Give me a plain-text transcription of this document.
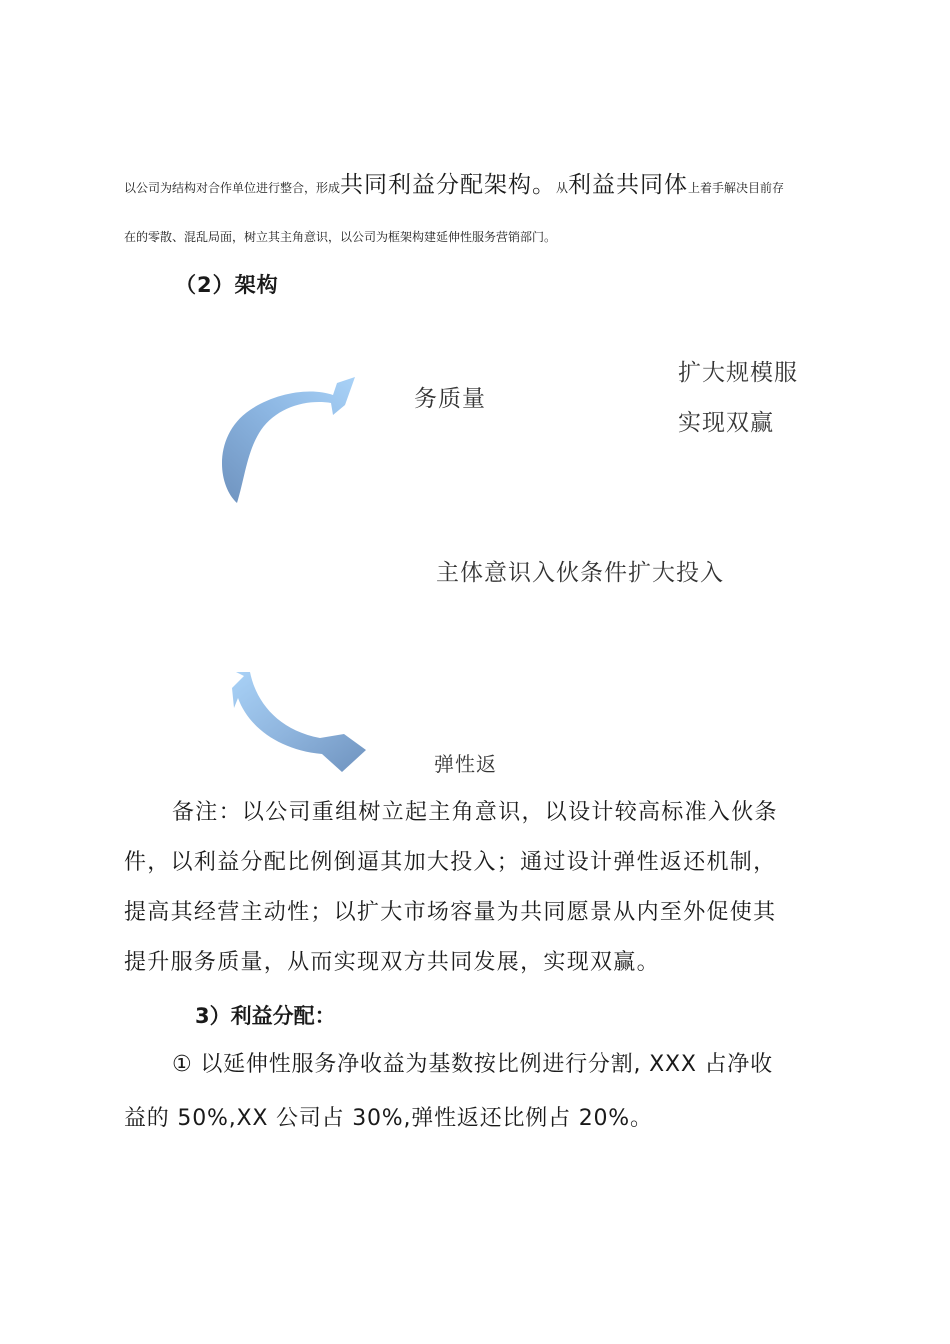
以公司为结构对合作单位进行整合，形成共同利益分配架构。从利益共同体上着手解决目前存
在的零散、混乱局面，树立其主角意识，以公司为框架构建延伸性服务营销部门。
（2）架构
务质量
扩大规模服
实现双赢
主体意识入伙条件扩大投入
弹性返
备注：以公司重组树立起主角意识，以设计较高标准入伙条
件，以利益分配比例倒逼其加大投入；通过设计弹性返还机制，
提高其经营主动性；以扩大市场容量为共同愿景从内至外促使其
提升服务质量，从而实现双方共同发展，实现双赢。
3）利益分配：
① 以延伸性服务净收益为基数按比例进行分割, XXX 占净收
益的 50%,XX 公司占 30%,弹性返还比例占 20%。
